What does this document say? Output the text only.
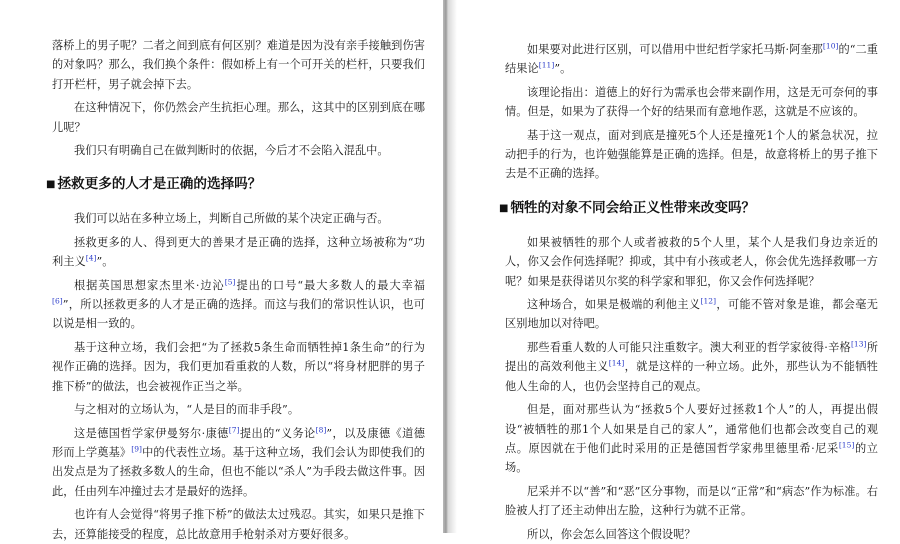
落桥上的男子呢？二者之间到底有何区别？难道是因为没有亲手接触到伤害的对象吗？那么，我们换个条件：假如桥上有一个可开关的栏杆，只要我们打开栏杆，男子就会掉下去。

在这种情况下，你仍然会产生抗拒心理。那么，这其中的区别到底在哪儿呢？

我们只有明确自己在做判断时的依据，今后才不会陷入混乱中。

■ 拯救更多的人才是正确的选择吗？

我们可以站在多种立场上，判断自己所做的某个决定正确与否。

拯救更多的人、得到更大的善果才是正确的选择，这种立场被称为“功利主义[4]”。

根据英国思想家杰里米·边沁[5]提出的口号“最大多数人的最大幸福[6]”，所以拯救更多的人才是正确的选择。而这与我们的常识性认识，也可以说是相一致的。

基于这种立场，我们会把“为了拯救5条生命而牺牲掉1条生命”的行为视作正确的选择。因为，我们更加看重救的人数，所以“将身材肥胖的男子推下桥”的做法，也会被视作正当之举。

与之相对的立场认为，“人是目的而非手段”。

这是德国哲学家伊曼努尔·康德[7]提出的“义务论[8]”，以及康德《道德形而上学奠基》[9]中的代表性立场。基于这种立场，我们会认为即使我们的出发点是为了拯救多数人的生命，但也不能以“杀人”为手段去做这件事。因此，任由列车冲撞过去才是最好的选择。

也许有人会觉得“将男子推下桥”的做法太过残忍。其实，如果只是推下去，还算能接受的程度，总比故意用手枪射杀对方要好很多。

如果要对此进行区别，可以借用中世纪哲学家托马斯·阿奎那[10]的“二重结果论[11]”。

该理论指出：道德上的好行为需承也会带来副作用，这是无可奈何的事情。但是，如果为了获得一个好的结果而有意地作恶，这就是不应该的。

基于这一观点，面对到底是撞死5个人还是撞死1个人的紧急状况，拉动把手的行为，也许勉强能算是正确的选择。但是，故意将桥上的男子推下去是不正确的选择。

■ 牺牲的对象不同会给正义性带来改变吗？

如果被牺牲的那个人或者被救的5个人里，某个人是我们身边亲近的人，你又会作何选择呢？抑或，其中有小孩或老人，你会优先选择救哪一方呢？如果是获得诺贝尔奖的科学家和罪犯，你又会作何选择呢？

这种场合，如果是极端的利他主义[12]，可能不管对象是谁，都会毫无区别地加以对待吧。

那些看重人数的人可能只注重数字。澳大利亚的哲学家彼得·辛格[13]所提出的高效利他主义[14]，就是这样的一种立场。此外，那些认为不能牺牲他人生命的人，也仍会坚持自己的观点。

但是，面对那些认为“拯救5个人要好过拯救1个人”的人，再提出假设“被牺牲的那1个人如果是自己的家人”，通常他们也都会改变自己的观点。原因就在于他们此时采用的正是德国哲学家弗里德里希·尼采[15]的立场。

尼采并不以“善”和“恶”区分事物，而是以“正常”和“病态”作为标准。右脸被人打了还主动伸出左脸，这种行为就不正常。

所以，你会怎么回答这个假设呢？
